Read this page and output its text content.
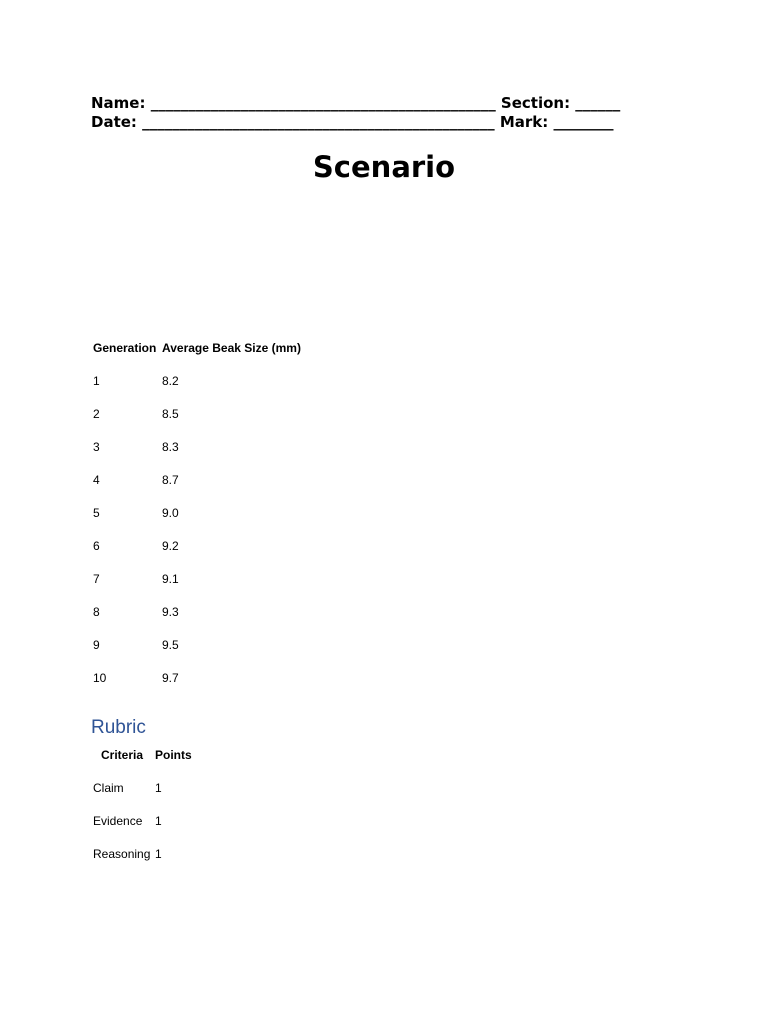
Name: ______________________________________________ Section: ______
Date: _______________________________________________ Mark: ________
Scenario
Generation Average Beak Size (mm)
1	8.2
2	8.5
3	8.3
4	8.7
5	9.0
6	9.2
7	9.1
8	9.3
9	9.5
10	9.7
Rubric
Criteria Points
Claim	1
Evidence 1
Reasoning 1
